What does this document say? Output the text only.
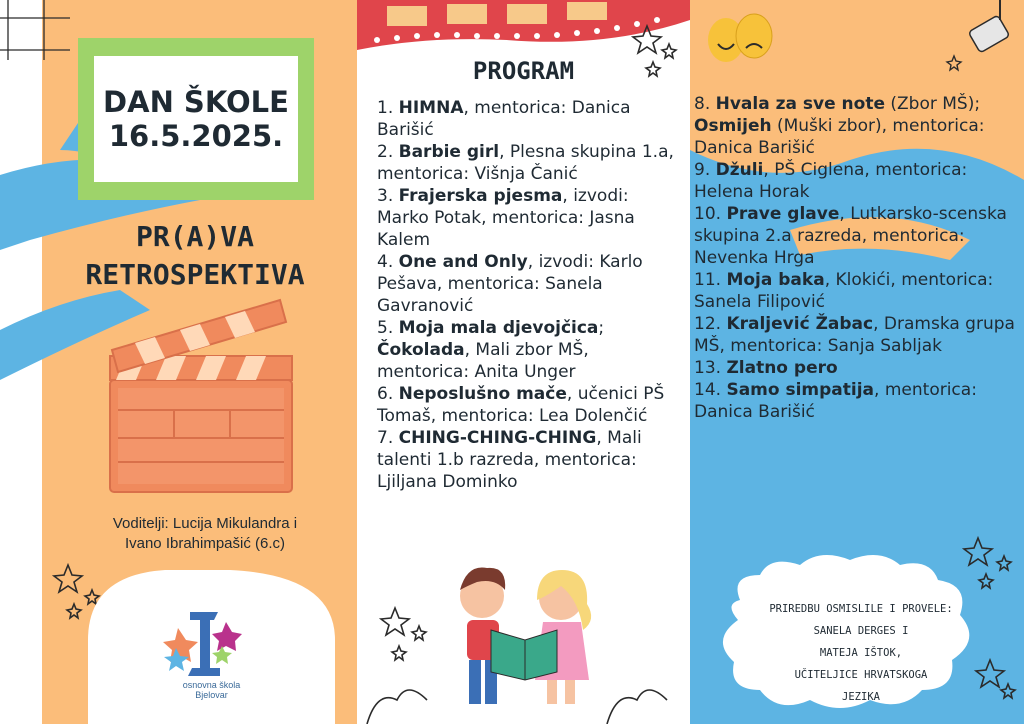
DAN ŠKOLE
16.5.2025.
PR(A)VA
RETROSPEKTIVA
Voditelji: Lucija Mikulandra i
Ivano Ibrahimpašić (6.c)
osnovna škola
Bjelovar
PROGRAM
1. HIMNA, mentorica: Danica Barišić
2. Barbie girl, Plesna skupina 1.a, mentorica: Višnja Čanić
3. Frajerska pjesma, izvodi: Marko Potak, mentorica: Jasna Kalem
4. One and Only, izvodi: Karlo Pešava, mentorica: Sanela Gavranović
5. Moja mala djevojčica;
Čokolada, Mali zbor MŠ, mentorica: Anita Unger
6. Neposlušno mače, učenici PŠ Tomaš, mentorica: Lea Dolenčić
7. CHING-CHING-CHING, Mali talenti 1.b razreda, mentorica: Ljiljana Dominko
8. Hvala za sve note (Zbor MŠ);
Osmijeh (Muški zbor), mentorica: Danica Barišić
9. Džuli, PŠ Ciglena, mentorica: Helena Horak
10. Prave glave, Lutkarsko-scenska skupina 2.a razreda, mentorica: Nevenka Hrga
11. Moja baka, Klokići, mentorica: Sanela Filipović
12. Kraljević Žabac, Dramska grupa MŠ, mentorica: Sanja Sabljak
13. Zlatno pero
14. Samo simpatija, mentorica: Danica Barišić
PRIREDBU OSMISLILE I PROVELE:
SANELA DERGES I
MATEJA IŠTOK,
UČITELJICE HRVATSKOGA
JEZIKA
